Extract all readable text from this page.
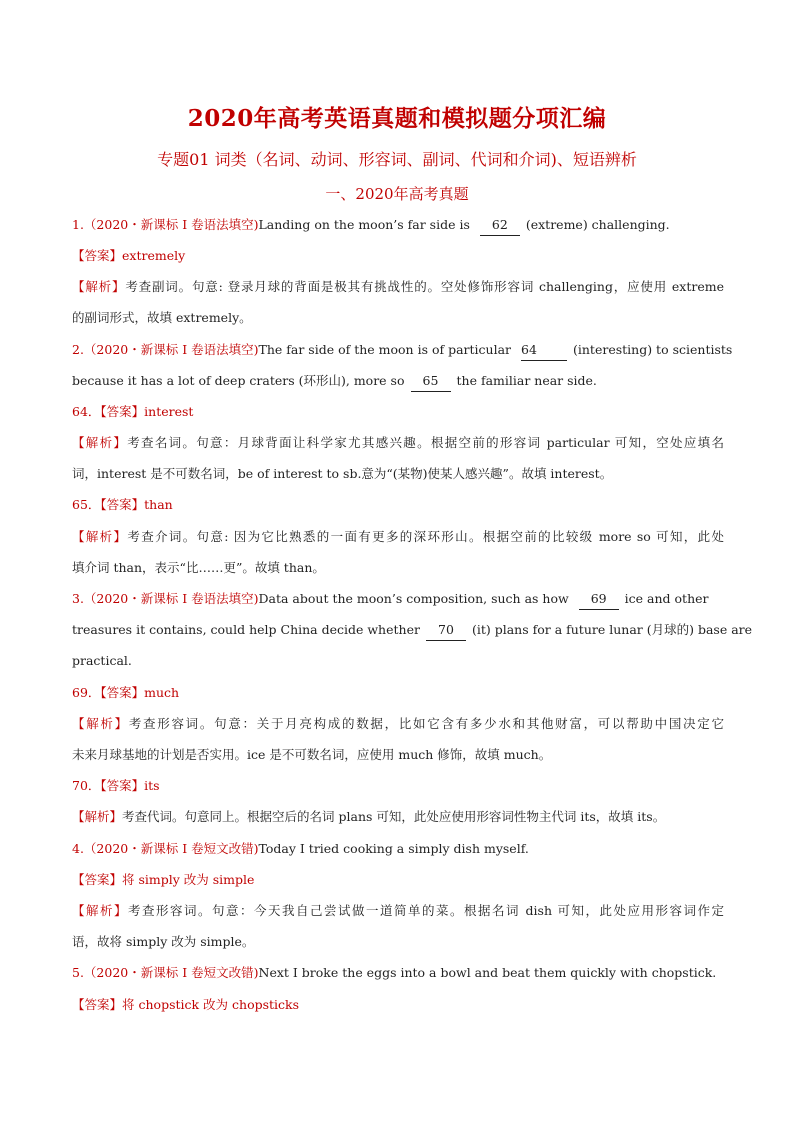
2020年高考英语真题和模拟题分项汇编
专题01 词类（名词、动词、形容词、副词、代词和介词)、短语辨析
一、2020年高考真题
1.（2020・新课标 I 卷语法填空)Landing on the moon’s far side is 62 (extreme) challenging.
【答案】extremely
【解析】考查副词。句意: 登录月球的背面是极其有挑战性的。空处修饰形容词 challenging，应使用 extreme
的副词形式，故填 extremely。
2.（2020・新课标 I 卷语法填空)The far side of the moon is of particular 64	(interesting) to scientists
because it has a lot of deep craters (环形山), more so 65 the familiar near side.
64．【答案】interest
【解析】考查名词。句意：月球背面让科学家尤其感兴趣。根据空前的形容词 particular 可知，空处应填名
词，interest 是不可数名词，be of interest to sb.意为“(某物)使某人感兴趣”。故填 interest。
65．【答案】than
【解析】考查介词。句意: 因为它比熟悉的一面有更多的深环形山。根据空前的比较级 more so 可知，此处
填介词 than，表示“比……更”。故填 than。
3.（2020・新课标 I 卷语法填空)Data about the moon’s composition, such as how 69 ice and other
treasures it contains, could help China decide whether 70 (it) plans for a future lunar (月球的) base are
practical.
69．【答案】much
【解析】考查形容词。句意：关于月亮构成的数据，比如它含有多少水和其他财富，可以帮助中国决定它
未来月球基地的计划是否实用。ice 是不可数名词，应使用 much 修饰，故填 much。
70．【答案】its
【解析】考查代词。句意同上。根据空后的名词 plans 可知，此处应使用形容词性物主代词 its，故填 its。
4.（2020・新课标 I 卷短文改错)Today I tried cooking a simply dish myself.
【答案】将 simply 改为 simple
【解析】考查形容词。句意：今天我自己尝试做一道简单的菜。根据名词 dish 可知，此处应用形容词作定
语，故将 simply 改为 simple。
5.（2020・新课标 I 卷短文改错)Next I broke the eggs into a bowl and beat them quickly with chopstick.
【答案】将 chopstick 改为 chopsticks
